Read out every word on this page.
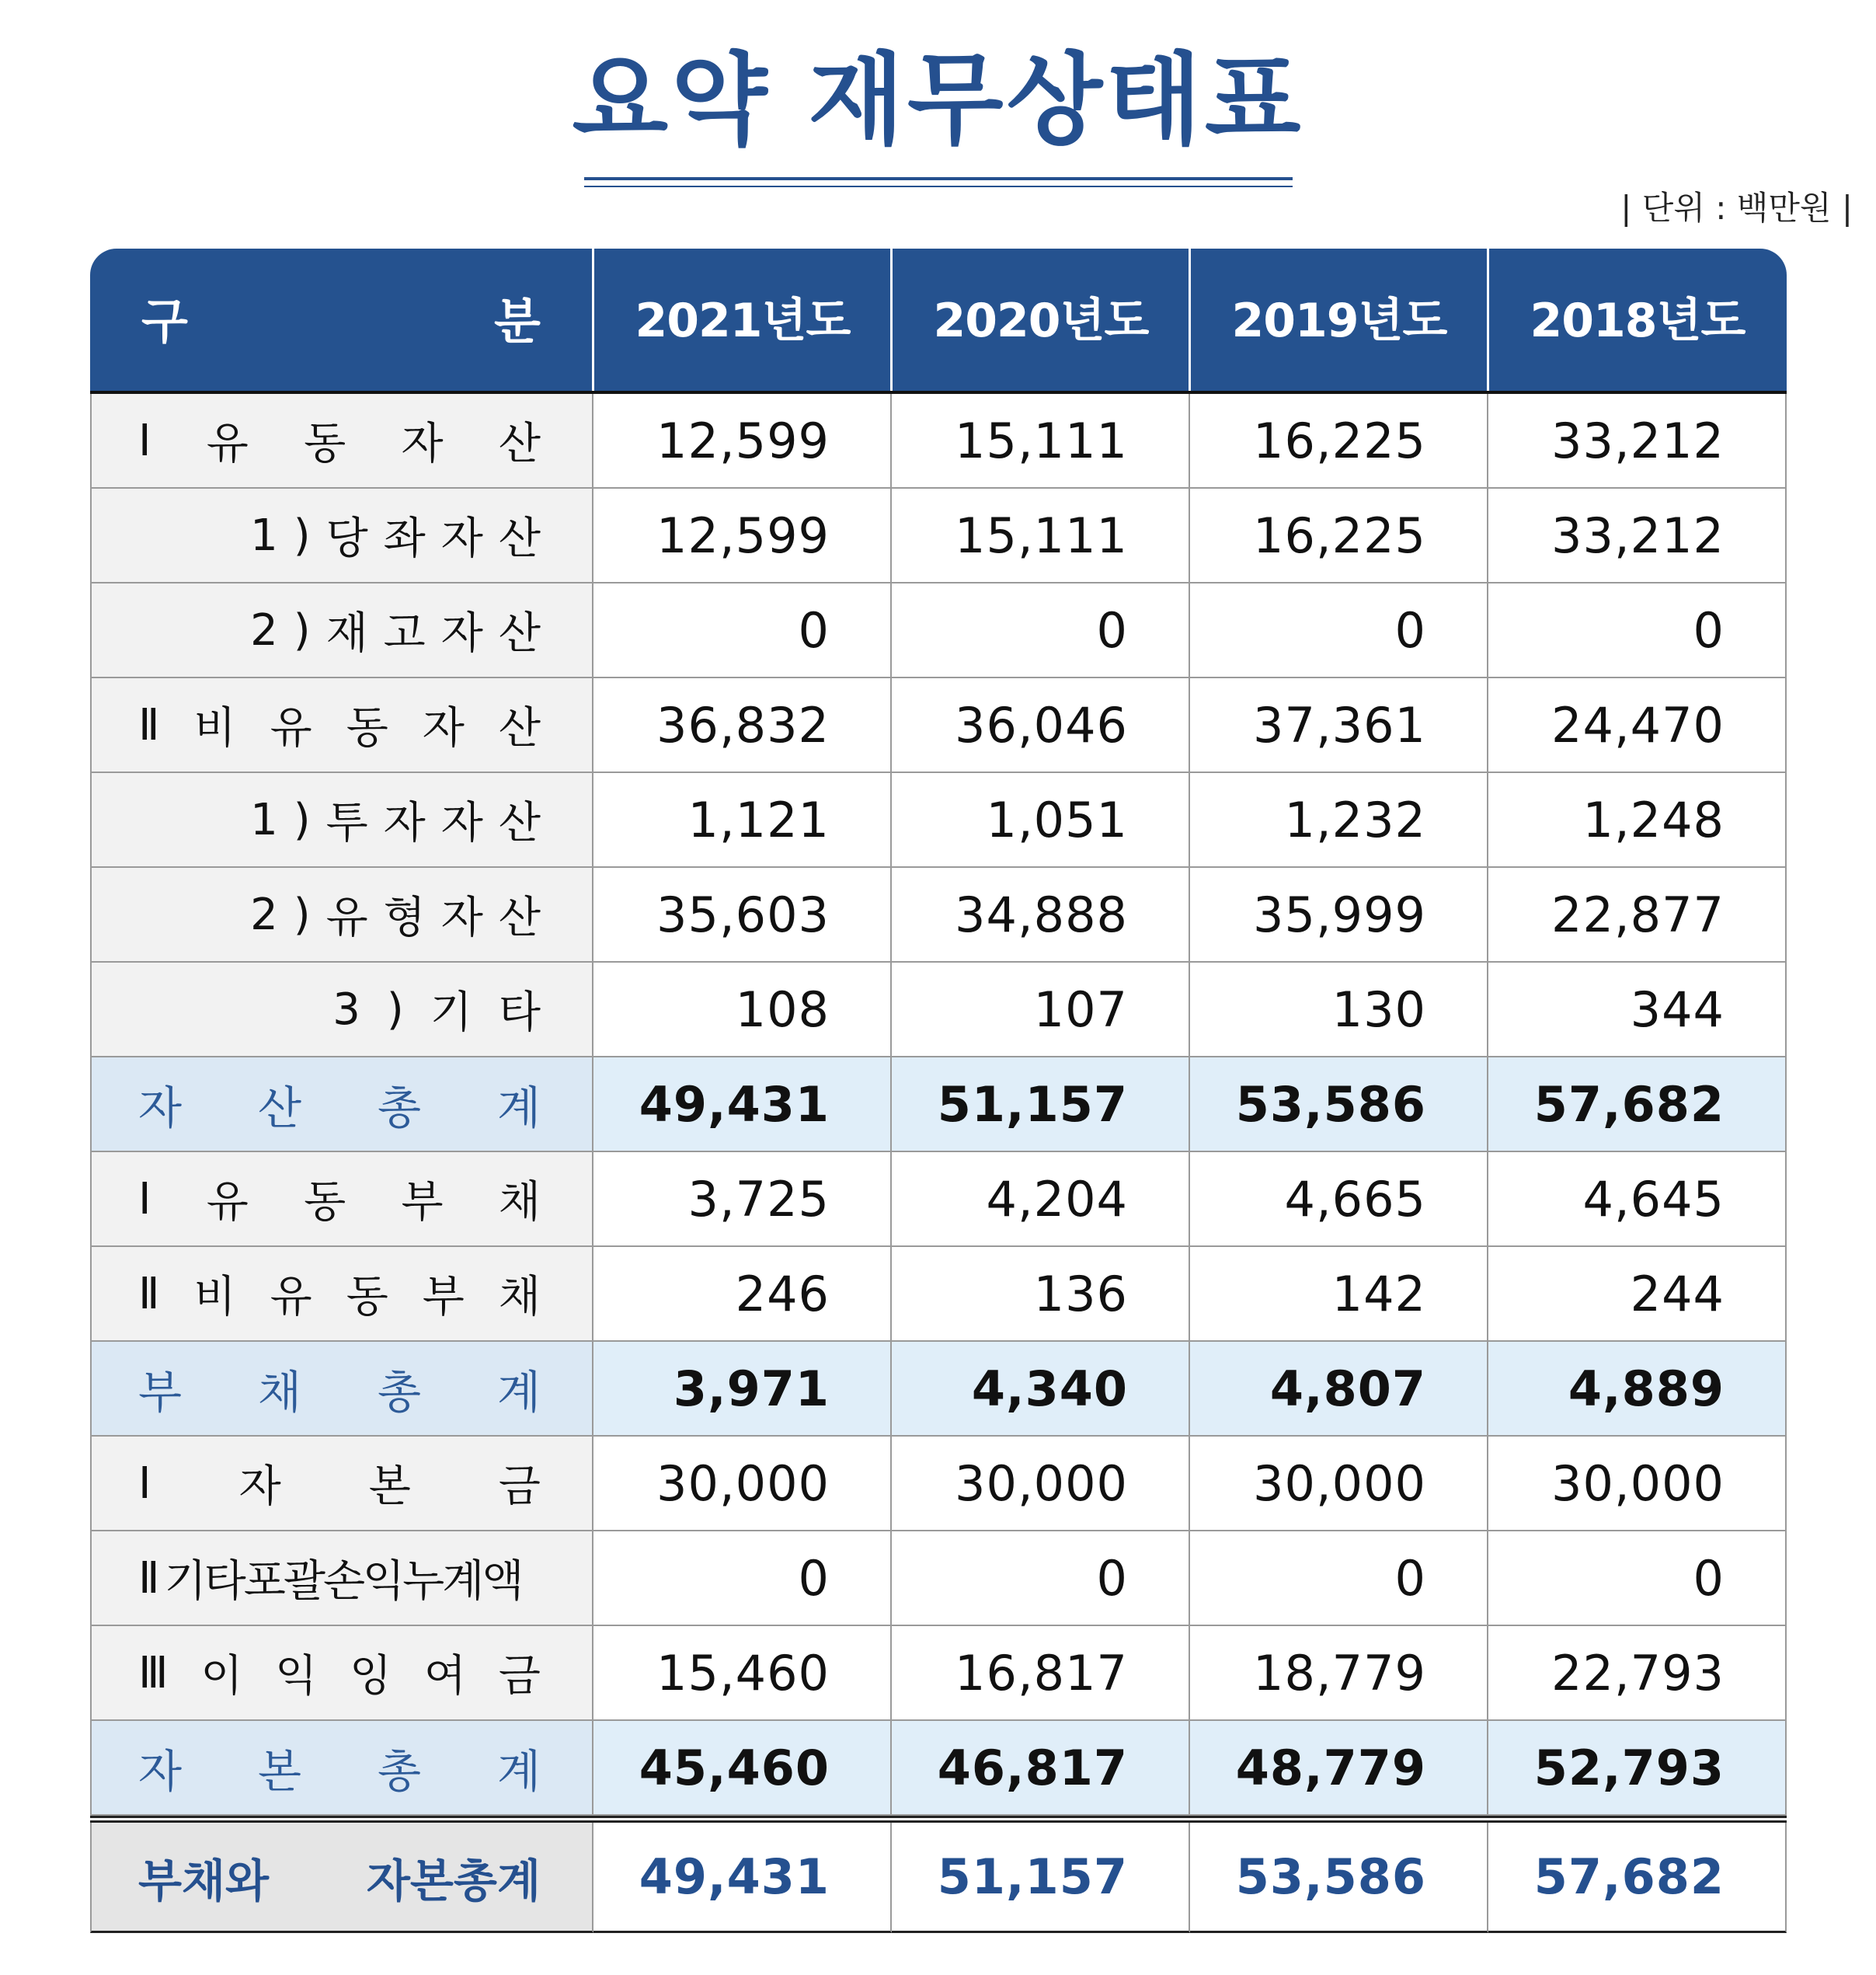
요약 재무상태표
| 단위 : 백만원 |
구	분	2021년도	2020년도	2019년도	2018년도
Ⅰ 유 동 자 산 12,599	15,111	16,225	33,212
1 ) 당 좌 자 산 12,599	15,111	16,225	33,212
2 ) 재 고 자 산	0	0	0	0
Ⅱ 비 유 동 자 산 36,832	36,046	37,361	24,470
1 ) 투 자 자 산	1,121	1,051	1,232	1,248
2 ) 유 형 자 산 35,603	34,888	35,999	22,877
3 ) 기 타	108	107	130	344
자 산 총 계 49,431 51,157 53,586 57,682
Ⅰ 유 동 부 채	3,725	4,204	4,665	4,645
Ⅱ 비 유 동 부 채	246	136	142	244
부 채 총 계	3,971	4,340	4,807	4,889
Ⅰ 자 본 금 30,000	30,000	30,000	30,000
Ⅱ 기타포괄손익누계액	0	0	0	0
Ⅲ 이 익 잉 여 금 15,460	16,817	18,779	22,793
자 본 총 계 45,460 46,817 48,779 52,793
부채와 자본총계 49,431 51,157 53,586 57,682
